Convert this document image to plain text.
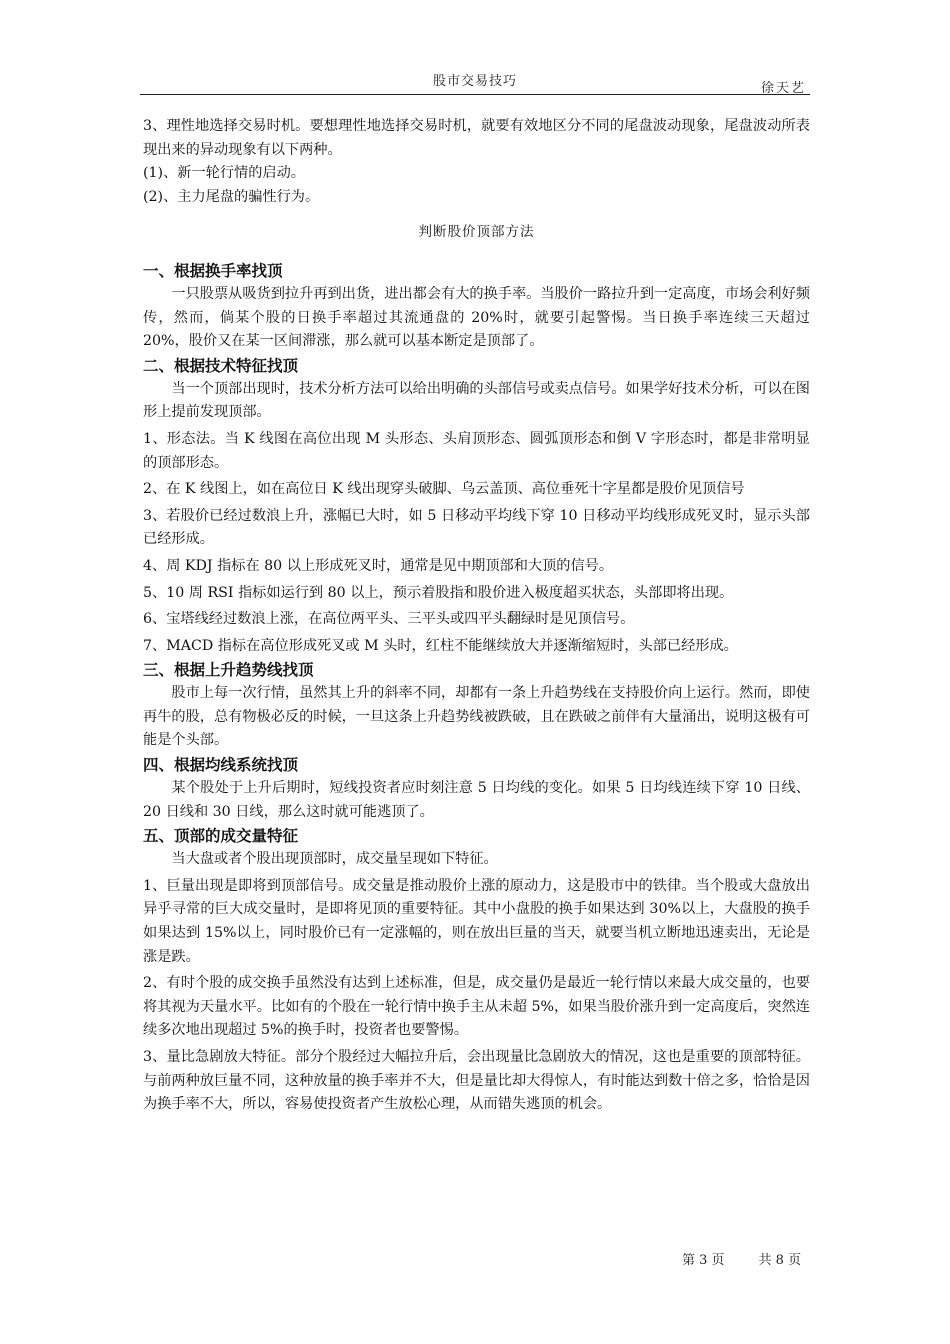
股市交易技巧	徐天艺

3、理性地选择交易时机。要想理性地选择交易时机，就要有效地区分不同的尾盘波动现象，尾盘波动所表现出来的异动现象有以下两种。

(1)、新一轮行情的启动。

(2)、主力尾盘的骗性行为。

判断股价顶部方法

一、根据换手率找顶

一只股票从吸货到拉升再到出货，进出都会有大的换手率。当股价一路拉升到一定高度，市场会利好频传，然而，倘某个股的日换手率超过其流通盘的 20%时，就要引起警惕。当日换手率连续三天超过 20%，股价又在某一区间滞涨，那么就可以基本断定是顶部了。

二、根据技术特征找顶

当一个顶部出现时，技术分析方法可以给出明确的头部信号或卖点信号。如果学好技术分析，可以在图形上提前发现顶部。

1、形态法。当 K 线图在高位出现 M 头形态、头肩顶形态、圆弧顶形态和倒 V 字形态时，都是非常明显的顶部形态。

2、在 K 线图上，如在高位日 K 线出现穿头破脚、乌云盖顶、高位垂死十字星都是股价见顶信号

3、若股价已经过数浪上升，涨幅已大时，如 5 日移动平均线下穿 10 日移动平均线形成死叉时，显示头部已经形成。

4、周 KDJ 指标在 80 以上形成死叉时，通常是见中期顶部和大顶的信号。

5、10 周 RSI 指标如运行到 80 以上，预示着股指和股价进入极度超买状态，头部即将出现。

6、宝塔线经过数浪上涨，在高位两平头、三平头或四平头翻绿时是见顶信号。

7、MACD 指标在高位形成死叉或 M 头时，红柱不能继续放大并逐渐缩短时，头部已经形成。

三、根据上升趋势线找顶

股市上每一次行情，虽然其上升的斜率不同，却都有一条上升趋势线在支持股价向上运行。然而，即使再牛的股，总有物极必反的时候，一旦这条上升趋势线被跌破，且在跌破之前伴有大量涌出，说明这极有可能是个头部。

四、根据均线系统找顶

某个股处于上升后期时，短线投资者应时刻注意 5 日均线的变化。如果 5 日均线连续下穿 10 日线、20 日线和 30 日线，那么这时就可能逃顶了。

五、顶部的成交量特征

当大盘或者个股出现顶部时，成交量呈现如下特征。

1、巨量出现是即将到顶部信号。成交量是推动股价上涨的原动力，这是股市中的铁律。当个股或大盘放出异乎寻常的巨大成交量时，是即将见顶的重要特征。其中小盘股的换手如果达到 30%以上，大盘股的换手如果达到 15%以上，同时股价已有一定涨幅的，则在放出巨量的当天，就要当机立断地迅速卖出，无论是涨是跌。

2、有时个股的成交换手虽然没有达到上述标准，但是，成交量仍是最近一轮行情以来最大成交量的，也要将其视为天量水平。比如有的个股在一轮行情中换手主从未超 5%，如果当股价涨升到一定高度后，突然连续多次地出现超过 5%的换手时，投资者也要警惕。

3、量比急剧放大特征。部分个股经过大幅拉升后，会出现量比急剧放大的情况，这也是重要的顶部特征。与前两种放巨量不同，这种放量的换手率并不大，但是量比却大得惊人，有时能达到数十倍之多，恰恰是因为换手率不大，所以，容易使投资者产生放松心理，从而错失逃顶的机会。

第 3 页	共 8 页
